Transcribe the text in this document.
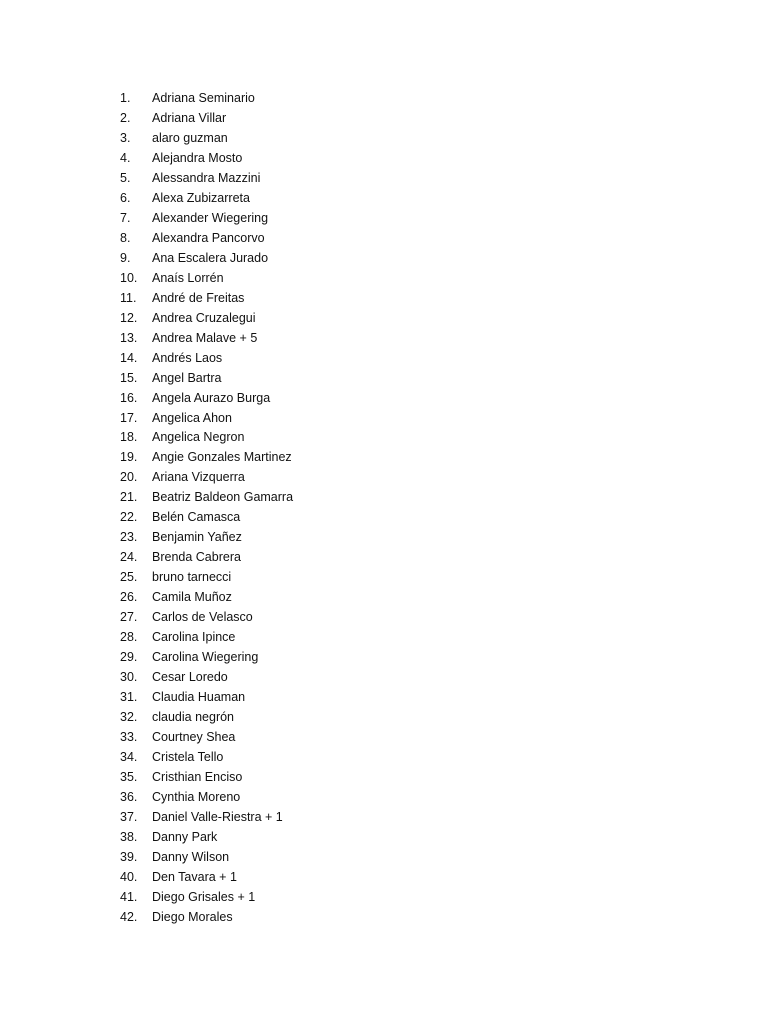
1.	Adriana Seminario
2.	Adriana Villar
3.	alaro guzman
4.	Alejandra Mosto
5.	Alessandra Mazzini
6.	Alexa Zubizarreta
7.	Alexander Wiegering
8.	Alexandra Pancorvo
9.	Ana Escalera Jurado
10.	Anaís Lorrén
11.	André de Freitas
12.	Andrea Cruzalegui
13.	Andrea Malave + 5
14.	Andrés Laos
15.	Angel Bartra
16.	Angela Aurazo Burga
17.	Angelica Ahon
18.	Angelica Negron
19.	Angie Gonzales Martinez
20.	Ariana Vizquerra
21.	Beatriz Baldeon Gamarra
22.	Belén Camasca
23.	Benjamin Yañez
24.	Brenda Cabrera
25.	bruno tarnecci
26.	Camila Muñoz
27.	Carlos de Velasco
28.	Carolina Ipince
29.	Carolina Wiegering
30.	Cesar Loredo
31.	Claudia Huaman
32.	claudia negrón
33.	Courtney Shea
34.	Cristela Tello
35.	Cristhian Enciso
36.	Cynthia Moreno
37.	Daniel Valle-Riestra + 1
38.	Danny Park
39.	Danny Wilson
40.	Den Tavara + 1
41.	Diego Grisales + 1
42.	Diego Morales
